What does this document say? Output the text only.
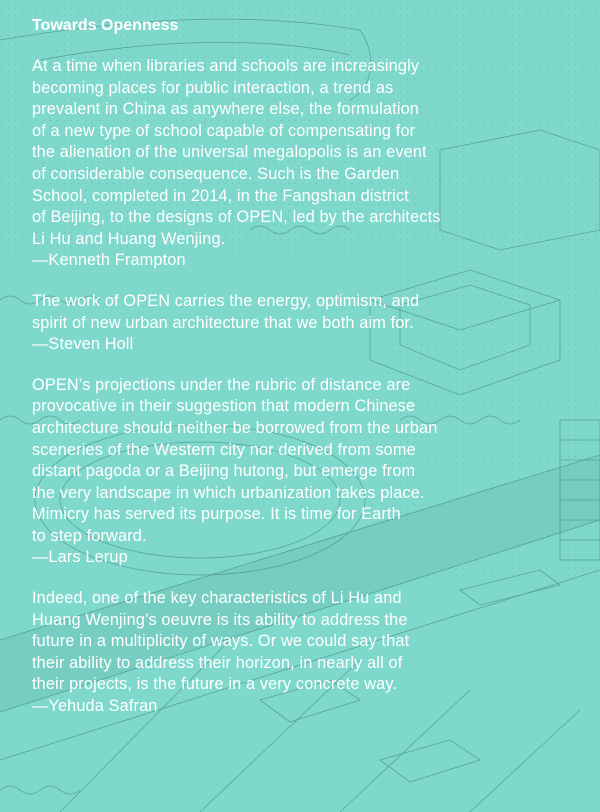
Towards Openness
At a time when libraries and schools are increasingly
becoming places for public interaction, a trend as
prevalent in China as anywhere else, the formulation
of a new type of school capable of compensating for
the alienation of the universal megalopolis is an event
of considerable consequence. Such is the Garden
School, completed in 2014, in the Fangshan district
of Beijing, to the designs of OPEN, led by the architects
Li Hu and Huang Wenjing.
—Kenneth Frampton
The work of OPEN carries the energy, optimism, and
spirit of new urban architecture that we both aim for.
—Steven Holl
OPEN’s projections under the rubric of distance are
provocative in their suggestion that modern Chinese
architecture should neither be borrowed from the urban
sceneries of the Western city nor derived from some
distant pagoda or a Beijing hutong, but emerge from
the very landscape in which urbanization takes place.
Mimicry has served its purpose. It is time for Earth
to step forward.
—Lars Lerup
Indeed, one of the key characteristics of Li Hu and
Huang Wenjing’s oeuvre is its ability to address the
future in a multiplicity of ways. Or we could say that
their ability to address their horizon, in nearly all of
their projects, is the future in a very concrete way.
—Yehuda Safran
